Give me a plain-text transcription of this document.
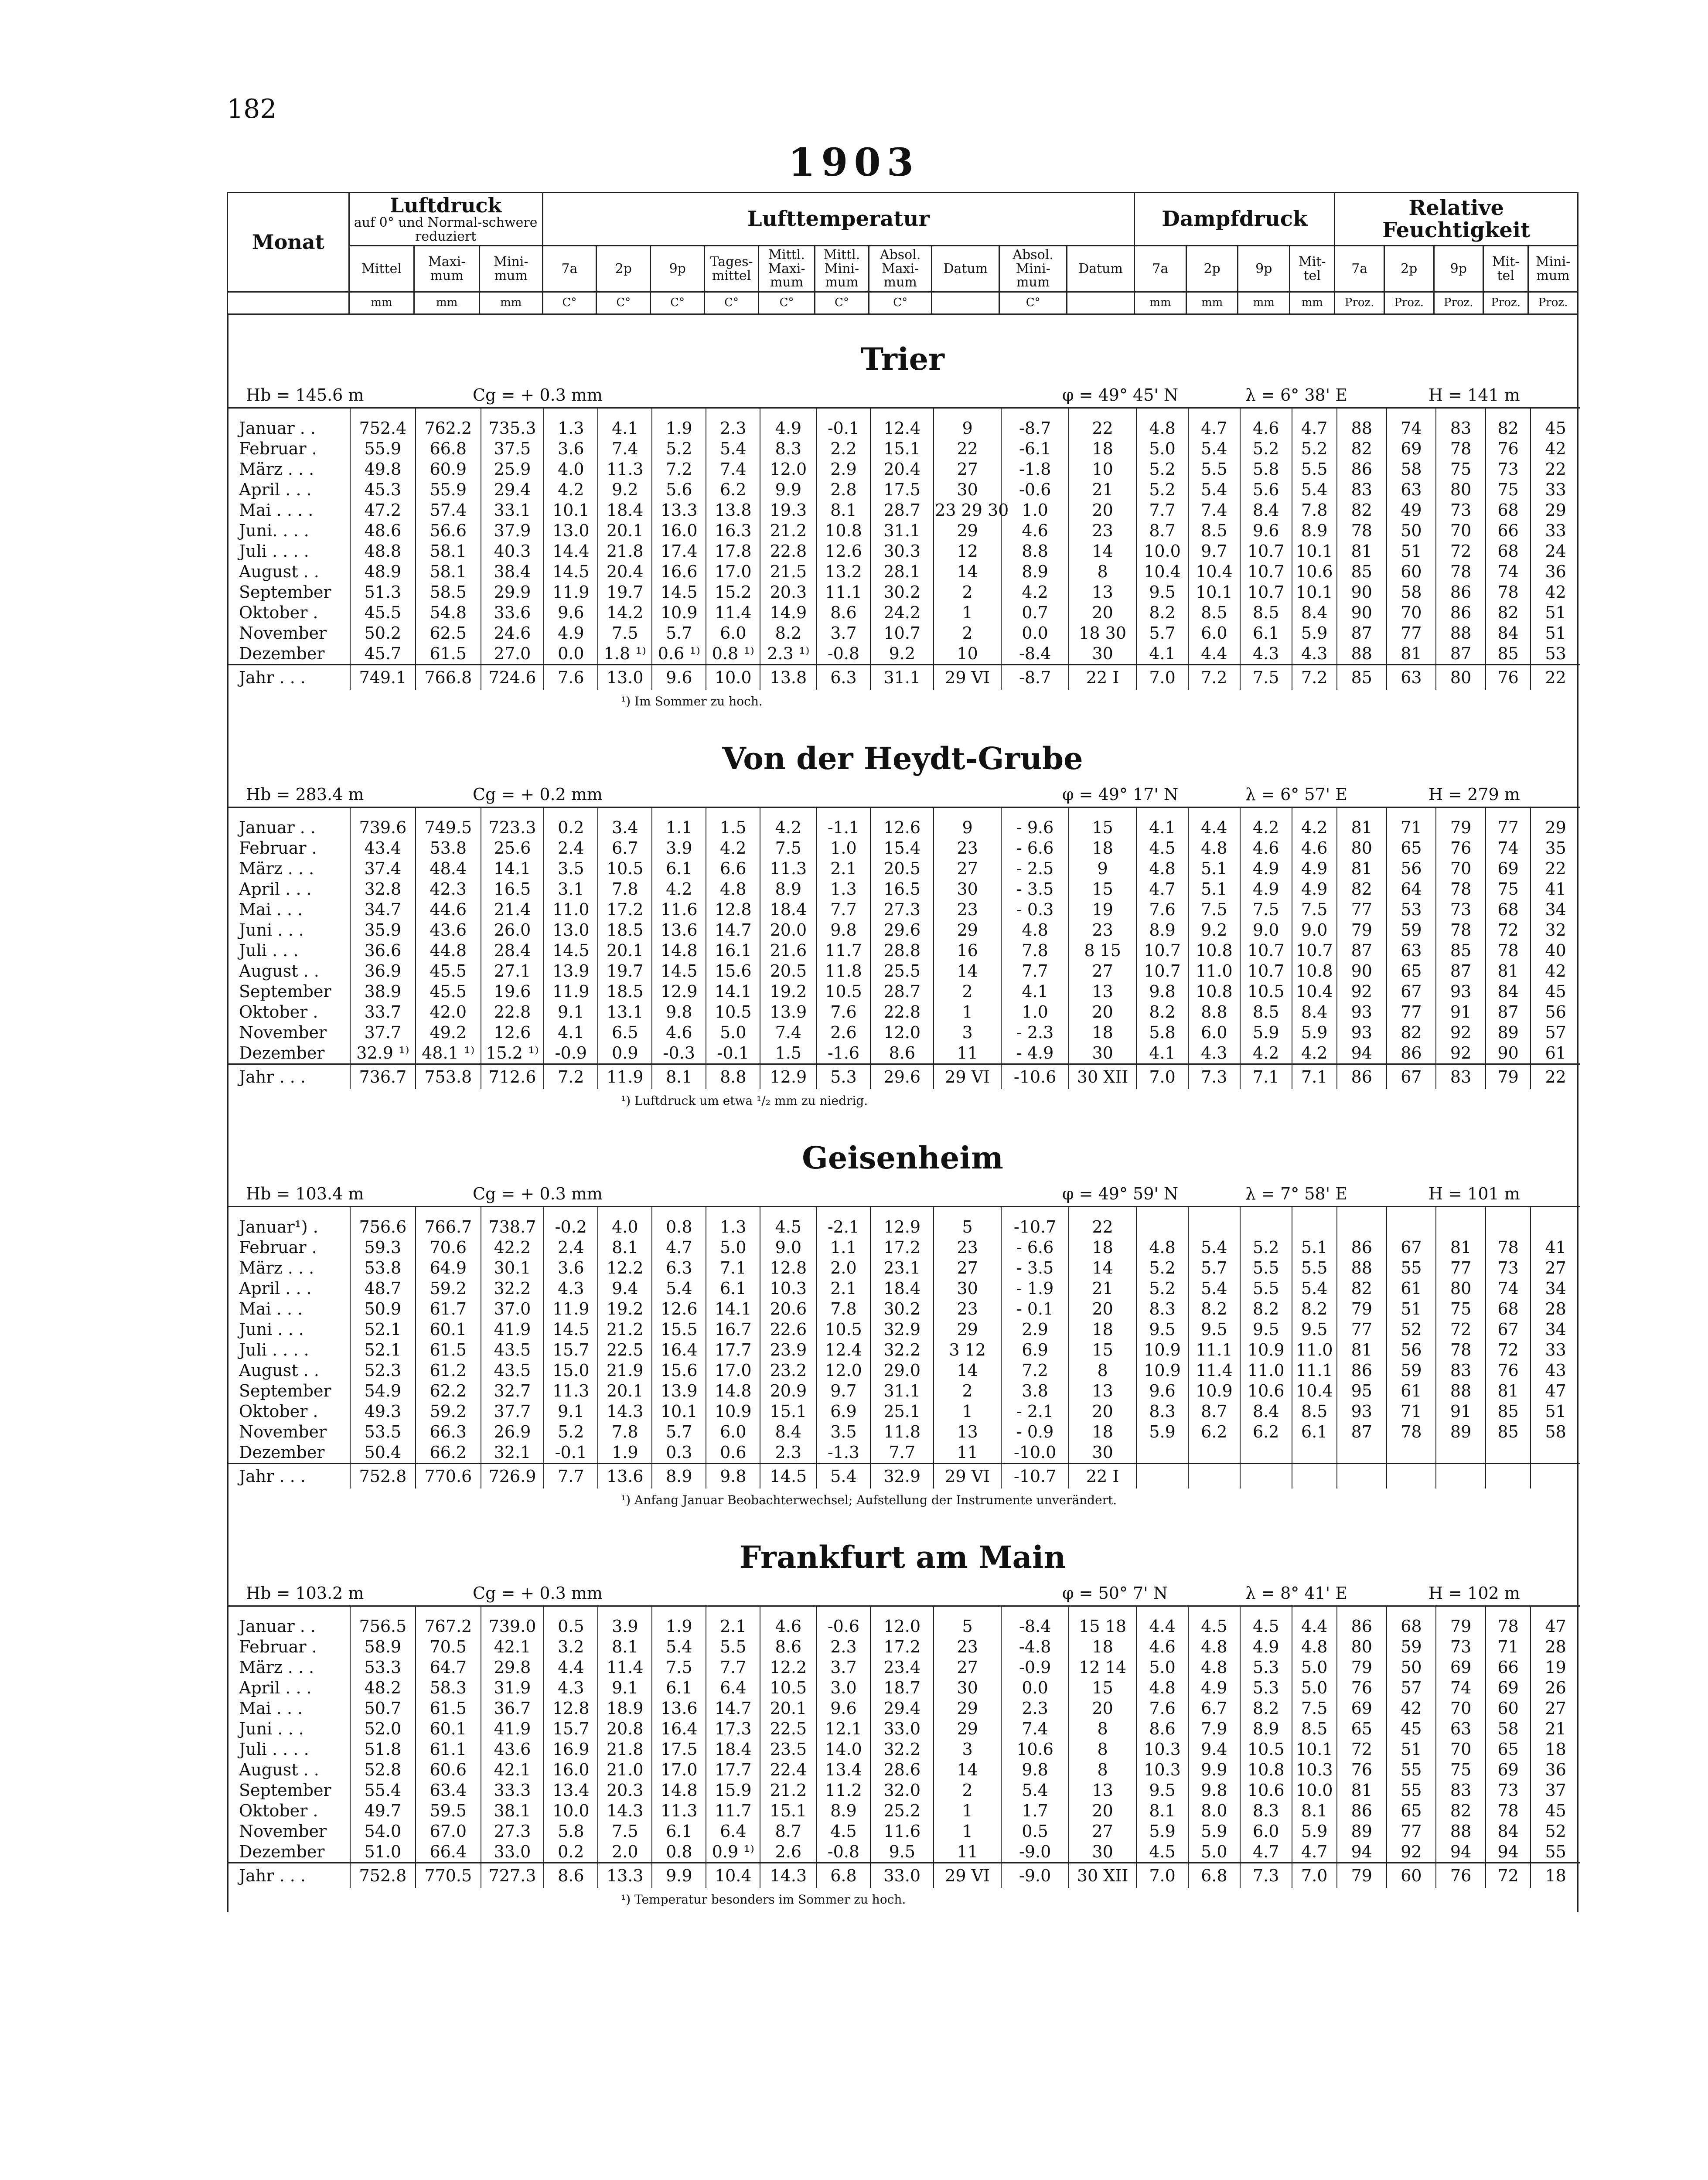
182
1903
Monat	Luftdruck
auf 0° und Normal-schwere reduziert			Lufttemperatur										Dampfdruck				Relative Feuchtigkeit				
	Mittel	Maxi-mum	Mini-mum	7a	2p	9p	Tages-mittel	Mittl. Maxi-mum	Mittl. Mini-mum	Absol. Maxi-mum	Datum	Absol. Mini-mum	Datum	7a	2p	9p	Mit-tel	7a	2p	9p	Mit-tel	Mini-mum
	mm	mm	mm	C°	C°	C°	C°	C°	C°	C°		C°		mm	mm	mm	mm	Proz.	Proz.	Proz.	Proz.	Proz.
Trier
Hb = 145.6 m	Cg = + 0.3 mm	φ = 49° 45' N	λ = 6° 38' E	H = 141 m

Januar . .	752.4	762.2	735.3	1.3	4.1	1.9	2.3	4.9	-0.1	12.4	9	-8.7	22	4.8	4.7	4.6	4.7	88	74	83	82	45
Februar .	55.9	66.8	37.5	3.6	7.4	5.2	5.4	8.3	2.2	15.1	22	-6.1	18	5.0	5.4	5.2	5.2	82	69	78	76	42
März . . .	49.8	60.9	25.9	4.0	11.3	7.2	7.4	12.0	2.9	20.4	27	-1.8	10	5.2	5.5	5.8	5.5	86	58	75	73	22
April . . .	45.3	55.9	29.4	4.2	9.2	5.6	6.2	9.9	2.8	17.5	30	-0.6	21	5.2	5.4	5.6	5.4	83	63	80	75	33
Mai . . . .	47.2	57.4	33.1	10.1	18.4	13.3	13.8	19.3	8.1	28.7	23 29 30	1.0	20	7.7	7.4	8.4	7.8	82	49	73	68	29
Juni. . . .	48.6	56.6	37.9	13.0	20.1	16.0	16.3	21.2	10.8	31.1	29	4.6	23	8.7	8.5	9.6	8.9	78	50	70	66	33
Juli . . . .	48.8	58.1	40.3	14.4	21.8	17.4	17.8	22.8	12.6	30.3	12	8.8	14	10.0	9.7	10.7	10.1	81	51	72	68	24
August . .	48.9	58.1	38.4	14.5	20.4	16.6	17.0	21.5	13.2	28.1	14	8.9	8	10.4	10.4	10.7	10.6	85	60	78	74	36
September	51.3	58.5	29.9	11.9	19.7	14.5	15.2	20.3	11.1	30.2	2	4.2	13	9.5	10.1	10.7	10.1	90	58	86	78	42
Oktober .	45.5	54.8	33.6	9.6	14.2	10.9	11.4	14.9	8.6	24.2	1	0.7	20	8.2	8.5	8.5	8.4	90	70	86	82	51
November	50.2	62.5	24.6	4.9	7.5	5.7	6.0	8.2	3.7	10.7	2	0.0	18 30	5.7	6.0	6.1	5.9	87	77	88	84	51
Dezember	45.7	61.5	27.0	0.0	1.8 ¹⁾	0.6 ¹⁾	0.8 ¹⁾	2.3 ¹⁾	-0.8	9.2	10	-8.4	30	4.1	4.4	4.3	4.3	88	81	87	85	53
Jahr . . .	749.1	766.8	724.6	7.6	13.0	9.6	10.0	13.8	6.3	31.1	29 VI	-8.7	22 I	7.0	7.2	7.5	7.2	85	63	80	76	22
¹) Im Sommer zu hoch.
Von der Heydt-Grube
Hb = 283.4 m	Cg = + 0.2 mm	φ = 49° 17' N	λ = 6° 57' E	H = 279 m

Januar . .	739.6	749.5	723.3	0.2	3.4	1.1	1.5	4.2	-1.1	12.6	9	- 9.6	15	4.1	4.4	4.2	4.2	81	71	79	77	29
Februar .	43.4	53.8	25.6	2.4	6.7	3.9	4.2	7.5	1.0	15.4	23	- 6.6	18	4.5	4.8	4.6	4.6	80	65	76	74	35
März . . .	37.4	48.4	14.1	3.5	10.5	6.1	6.6	11.3	2.1	20.5	27	- 2.5	9	4.8	5.1	4.9	4.9	81	56	70	69	22
April . . .	32.8	42.3	16.5	3.1	7.8	4.2	4.8	8.9	1.3	16.5	30	- 3.5	15	4.7	5.1	4.9	4.9	82	64	78	75	41
Mai . . .	34.7	44.6	21.4	11.0	17.2	11.6	12.8	18.4	7.7	27.3	23	- 0.3	19	7.6	7.5	7.5	7.5	77	53	73	68	34
Juni . . .	35.9	43.6	26.0	13.0	18.5	13.6	14.7	20.0	9.8	29.6	29	4.8	23	8.9	9.2	9.0	9.0	79	59	78	72	32
Juli . . .	36.6	44.8	28.4	14.5	20.1	14.8	16.1	21.6	11.7	28.8	16	7.8	8 15	10.7	10.8	10.7	10.7	87	63	85	78	40
August . .	36.9	45.5	27.1	13.9	19.7	14.5	15.6	20.5	11.8	25.5	14	7.7	27	10.7	11.0	10.7	10.8	90	65	87	81	42
September	38.9	45.5	19.6	11.9	18.5	12.9	14.1	19.2	10.5	28.7	2	4.1	13	9.8	10.8	10.5	10.4	92	67	93	84	45
Oktober .	33.7	42.0	22.8	9.1	13.1	9.8	10.5	13.9	7.6	22.8	1	1.0	20	8.2	8.8	8.5	8.4	93	77	91	87	56
November	37.7	49.2	12.6	4.1	6.5	4.6	5.0	7.4	2.6	12.0	3	- 2.3	18	5.8	6.0	5.9	5.9	93	82	92	89	57
Dezember	32.9 ¹⁾	48.1 ¹⁾	15.2 ¹⁾	-0.9	0.9	-0.3	-0.1	1.5	-1.6	8.6	11	- 4.9	30	4.1	4.3	4.2	4.2	94	86	92	90	61
Jahr . . .	736.7	753.8	712.6	7.2	11.9	8.1	8.8	12.9	5.3	29.6	29 VI	-10.6	30 XII	7.0	7.3	7.1	7.1	86	67	83	79	22
¹) Luftdruck um etwa ¹/₂ mm zu niedrig.
Geisenheim
Hb = 103.4 m	Cg = + 0.3 mm	φ = 49° 59' N	λ = 7° 58' E	H = 101 m

Januar¹) .	756.6	766.7	738.7	-0.2	4.0	0.8	1.3	4.5	-2.1	12.9	5	-10.7	22									
Februar .	59.3	70.6	42.2	2.4	8.1	4.7	5.0	9.0	1.1	17.2	23	- 6.6	18	4.8	5.4	5.2	5.1	86	67	81	78	41
März . . .	53.8	64.9	30.1	3.6	12.2	6.3	7.1	12.8	2.0	23.1	27	- 3.5	14	5.2	5.7	5.5	5.5	88	55	77	73	27
April . . .	48.7	59.2	32.2	4.3	9.4	5.4	6.1	10.3	2.1	18.4	30	- 1.9	21	5.2	5.4	5.5	5.4	82	61	80	74	34
Mai . . .	50.9	61.7	37.0	11.9	19.2	12.6	14.1	20.6	7.8	30.2	23	- 0.1	20	8.3	8.2	8.2	8.2	79	51	75	68	28
Juni . . .	52.1	60.1	41.9	14.5	21.2	15.5	16.7	22.6	10.5	32.9	29	2.9	18	9.5	9.5	9.5	9.5	77	52	72	67	34
Juli . . . .	52.1	61.5	43.5	15.7	22.5	16.4	17.7	23.9	12.4	32.2	3 12	6.9	15	10.9	11.1	10.9	11.0	81	56	78	72	33
August . .	52.3	61.2	43.5	15.0	21.9	15.6	17.0	23.2	12.0	29.0	14	7.2	8	10.9	11.4	11.0	11.1	86	59	83	76	43
September	54.9	62.2	32.7	11.3	20.1	13.9	14.8	20.9	9.7	31.1	2	3.8	13	9.6	10.9	10.6	10.4	95	61	88	81	47
Oktober .	49.3	59.2	37.7	9.1	14.3	10.1	10.9	15.1	6.9	25.1	1	- 2.1	20	8.3	8.7	8.4	8.5	93	71	91	85	51
November	53.5	66.3	26.9	5.2	7.8	5.7	6.0	8.4	3.5	11.8	13	- 0.9	18	5.9	6.2	6.2	6.1	87	78	89	85	58
Dezember	50.4	66.2	32.1	-0.1	1.9	0.3	0.6	2.3	-1.3	7.7	11	-10.0	30									
Jahr . . .	752.8	770.6	726.9	7.7	13.6	8.9	9.8	14.5	5.4	32.9	29 VI	-10.7	22 I									
¹) Anfang Januar Beobachterwechsel; Aufstellung der Instrumente unverändert.
Frankfurt am Main
Hb = 103.2 m	Cg = + 0.3 mm	φ = 50° 7' N	λ = 8° 41' E	H = 102 m

Januar . .	756.5	767.2	739.0	0.5	3.9	1.9	2.1	4.6	-0.6	12.0	5	-8.4	15 18	4.4	4.5	4.5	4.4	86	68	79	78	47
Februar .	58.9	70.5	42.1	3.2	8.1	5.4	5.5	8.6	2.3	17.2	23	-4.8	18	4.6	4.8	4.9	4.8	80	59	73	71	28
März . . .	53.3	64.7	29.8	4.4	11.4	7.5	7.7	12.2	3.7	23.4	27	-0.9	12 14	5.0	4.8	5.3	5.0	79	50	69	66	19
April . . .	48.2	58.3	31.9	4.3	9.1	6.1	6.4	10.5	3.0	18.7	30	0.0	15	4.8	4.9	5.3	5.0	76	57	74	69	26
Mai . . .	50.7	61.5	36.7	12.8	18.9	13.6	14.7	20.1	9.6	29.4	29	2.3	20	7.6	6.7	8.2	7.5	69	42	70	60	27
Juni . . .	52.0	60.1	41.9	15.7	20.8	16.4	17.3	22.5	12.1	33.0	29	7.4	8	8.6	7.9	8.9	8.5	65	45	63	58	21
Juli . . . .	51.8	61.1	43.6	16.9	21.8	17.5	18.4	23.5	14.0	32.2	3	10.6	8	10.3	9.4	10.5	10.1	72	51	70	65	18
August . .	52.8	60.6	42.1	16.0	21.0	17.0	17.7	22.4	13.4	28.6	14	9.8	8	10.3	9.9	10.8	10.3	76	55	75	69	36
September	55.4	63.4	33.3	13.4	20.3	14.8	15.9	21.2	11.2	32.0	2	5.4	13	9.5	9.8	10.6	10.0	81	55	83	73	37
Oktober .	49.7	59.5	38.1	10.0	14.3	11.3	11.7	15.1	8.9	25.2	1	1.7	20	8.1	8.0	8.3	8.1	86	65	82	78	45
November	54.0	67.0	27.3	5.8	7.5	6.1	6.4	8.7	4.5	11.6	1	0.5	27	5.9	5.9	6.0	5.9	89	77	88	84	52
Dezember	51.0	66.4	33.0	0.2	2.0	0.8	0.9 ¹⁾	2.6	-0.8	9.5	11	-9.0	30	4.5	5.0	4.7	4.7	94	92	94	94	55
Jahr . . .	752.8	770.5	727.3	8.6	13.3	9.9	10.4	14.3	6.8	33.0	29 VI	-9.0	30 XII	7.0	6.8	7.3	7.0	79	60	76	72	18
¹) Temperatur besonders im Sommer zu hoch.
